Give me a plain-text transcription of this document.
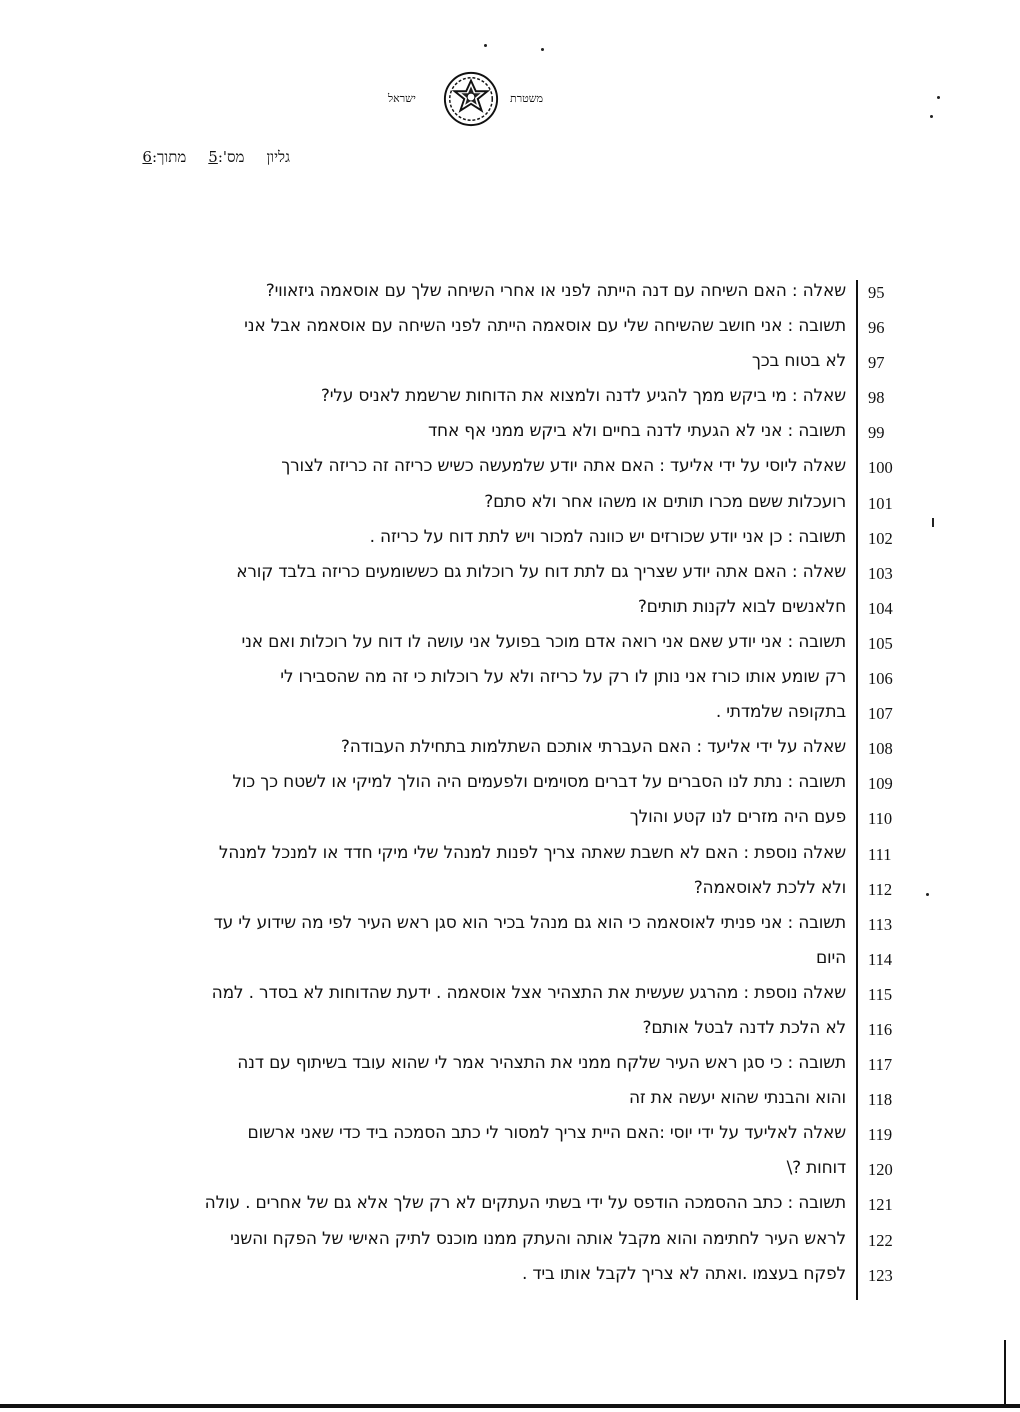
משטרת
ישראל
גליון
מס':5
מתוך:6
שאלה : האם השיחה עם דנה הייתה לפני או אחרי השיחה שלך עם אוסאמה גיזאווי? 95
תשובה : אני חושב שהשיחה שלי עם אוסאמה הייתה לפני השיחה עם אוסאמה אבל אני 96
לא בטוח בכך 97
שאלה : מי ביקש ממך להגיע לדנה ולמצוא את הדוחות שרשמת לאניס עלי? 98
תשובה : אני לא הגעתי לדנה בחיים ולא ביקש ממני אף אחד 99
שאלה ליוסי על ידי אליעד : האם אתה יודע שלמעשה כשיש כריזה זה כריזה לצורך 100
רועכלות ששם מכרו תותים או משהו אחר ולא סתם? 101
תשובה : כן אני יודע שכורזים יש כוונה למכור ויש לתת דוח על כריזה . 102
שאלה : האם אתה יודע שצריך גם לתת דוח על רוכלות גם כששומעים כריזה בלבד קורא 103
חלאנשים לבוא לקנות תותים? 104
תשובה : אני יודע שאם אני רואה אדם מוכר בפועל אני עושה לו דוח על רוכלות ואם אני 105
רק שומע אותו כורז אני נותן לו רק על כריזה ולא על רוכלות כי זה מה שהסבירו לי 106
בתקופה שלמדתי . 107
שאלה על ידי אליעד : האם העברתי אותכם השתלמות בתחילת העבודה? 108
תשובה : נתת לנו הסברים על דברים מסוימים ולפעמים היה הולך למיקי או לשטח כך כול 109
פעם היה מזרים לנו קטע והולך 110
שאלה נוספת : האם לא חשבת שאתה צריך לפנות למנהל שלי מיקי חדד או למנכל למנהל 111
ולא ללכת לאוסאמה? 112
תשובה : אני פניתי לאוסאמה כי הוא גם מנהל בכיר הוא סגן ראש העיר לפי מה שידוע לי עד 113
היום 114
שאלה נוספת : מהרגע שעשית את התצהיר אצל אוסאמה . ידעת שהדוחות לא בסדר . למה 115
לא הלכת לדנה לבטל אותם? 116
תשובה : כי סגן ראש העיר שלקח ממני את התצהיר אמר לי שהוא עובד בשיתוף עם דנה 117
והוא והבנתי שהוא יעשה את זה 118
שאלה לאליעד על ידי יוסי :האם היית צריך למסור לי כתב הסמכה ביד כדי שאני ארשום 119
דוחות ?\ 120
תשובה : כתב ההסמכה הודפס על ידי בשתי העתקים לא רק שלך אלא גם של אחרים . עולה 121
לראש העיר לחתימה והוא מקבל אותה והעתק ממנו מוכנס לתיק האישי של הפקח והשני 122
לפקח בעצמו .ואתה לא צריך לקבל אותו ביד . 123
